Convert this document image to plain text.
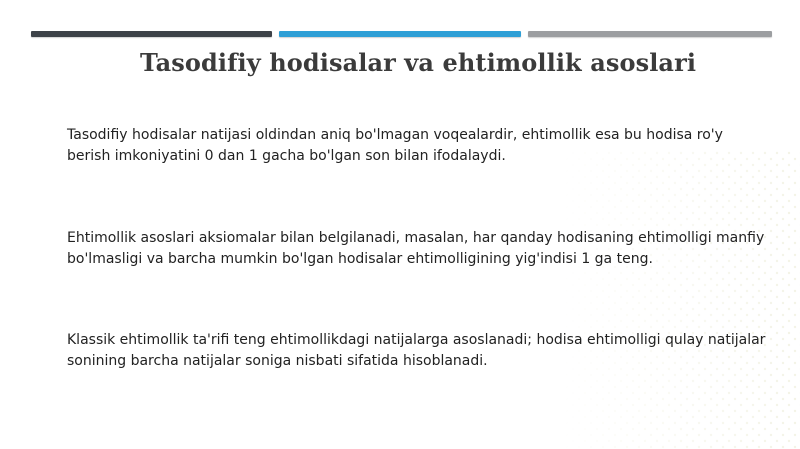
Tasodifiy hodisalar va ehtimollik asoslari
Tasodifiy hodisalar natijasi oldindan aniq bo'lmagan voqealardir, ehtimollik esa bu hodisa ro'y berish imkoniyatini 0 dan 1 gacha bo'lgan son bilan ifodalaydi.
Ehtimollik asoslari aksiomalar bilan belgilanadi, masalan, har qanday hodisaning ehtimolligi manfiy bo'lmasligi va barcha mumkin bo'lgan hodisalar ehtimolligining yig'indisi 1 ga teng.
Klassik ehtimollik ta'rifi teng ehtimollikdagi natijalarga asoslanadi; hodisa ehtimolligi qulay natijalar sonining barcha natijalar soniga nisbati sifatida hisoblanadi.
